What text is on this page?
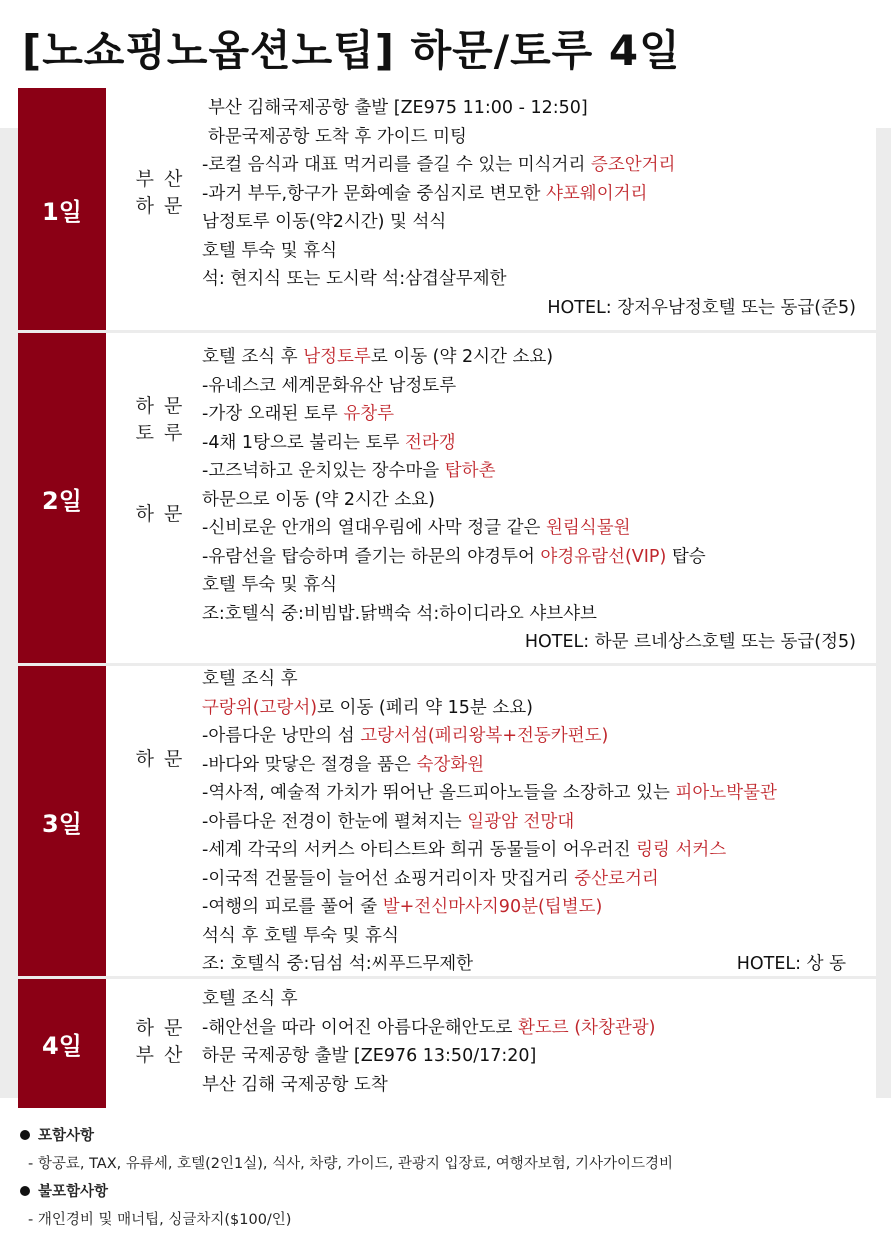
[노쇼핑노옵션노팁] 하문/토루 4일
1일
부 산
하 문
부산 김해국제공항 출발 [ZE975 11:00 - 12:50]
하문국제공항 도착 후 가이드 미팅
-로컬 음식과 대표 먹거리를 즐길 수 있는 미식거리 증조안거리
-과거 부두,항구가 문화예술 중심지로 변모한 샤포웨이거리
남정토루 이동(약2시간) 및 석식
호텔 투숙 및 휴식
석: 현지식 또는 도시락 석:삼겹살무제한
HOTEL: 장저우남정호텔 또는 동급(준5)
2일
하 문
토 루
하 문
호텔 조식 후 남정토루로 이동 (약 2시간 소요)
-유네스코 세계문화유산 남정토루
-가장 오래된 토루 유창루
-4채 1탕으로 불리는 토루 전라갱
-고즈넉하고 운치있는 장수마을 탑하촌
하문으로 이동 (약 2시간 소요)
-신비로운 안개의 열대우림에 사막 정글 같은 원림식물원
-유람선을 탑승하며 즐기는 하문의 야경투어 야경유람선(VIP) 탑승
호텔 투숙 및 휴식
조:호텔식 중:비빔밥.닭백숙 석:하이디라오 샤브샤브
HOTEL: 하문 르네상스호텔 또는 동급(정5)
3일
하 문
호텔 조식 후
구랑위(고랑서)로 이동 (페리 약 15분 소요)
-아름다운 낭만의 섬 고랑서섬(페리왕복+전동카편도)
-바다와 맞닿은 절경을 품은 숙장화원
-역사적, 예술적 가치가 뛰어난 올드피아노들을 소장하고 있는 피아노박물관
-아름다운 전경이 한눈에 펼쳐지는 일광암 전망대
-세계 각국의 서커스 아티스트와 희귀 동물들이 어우러진 링링 서커스
-이국적 건물들이 늘어선 쇼핑거리이자 맛집거리 중산로거리
-여행의 피로를 풀어 줄 발+전신마사지90분(팁별도)
석식 후 호텔 투숙 및 휴식
조: 호텔식 중:딤섬 석:씨푸드무제한	HOTEL: 상 동
4일
하 문
부 산
호텔 조식 후
-해안선을 따라 이어진 아름다운해안도로 환도르 (차창관광)
하문 국제공항 출발 [ZE976 13:50/17:20]
부산 김해 국제공항 도착
포함사항
- 항공료, TAX, 유류세, 호텔(2인1실), 식사, 차량, 가이드, 관광지 입장료, 여행자보험, 기사가이드경비
불포함사항
- 개인경비 및 매너팁, 싱글차지($100/인)
